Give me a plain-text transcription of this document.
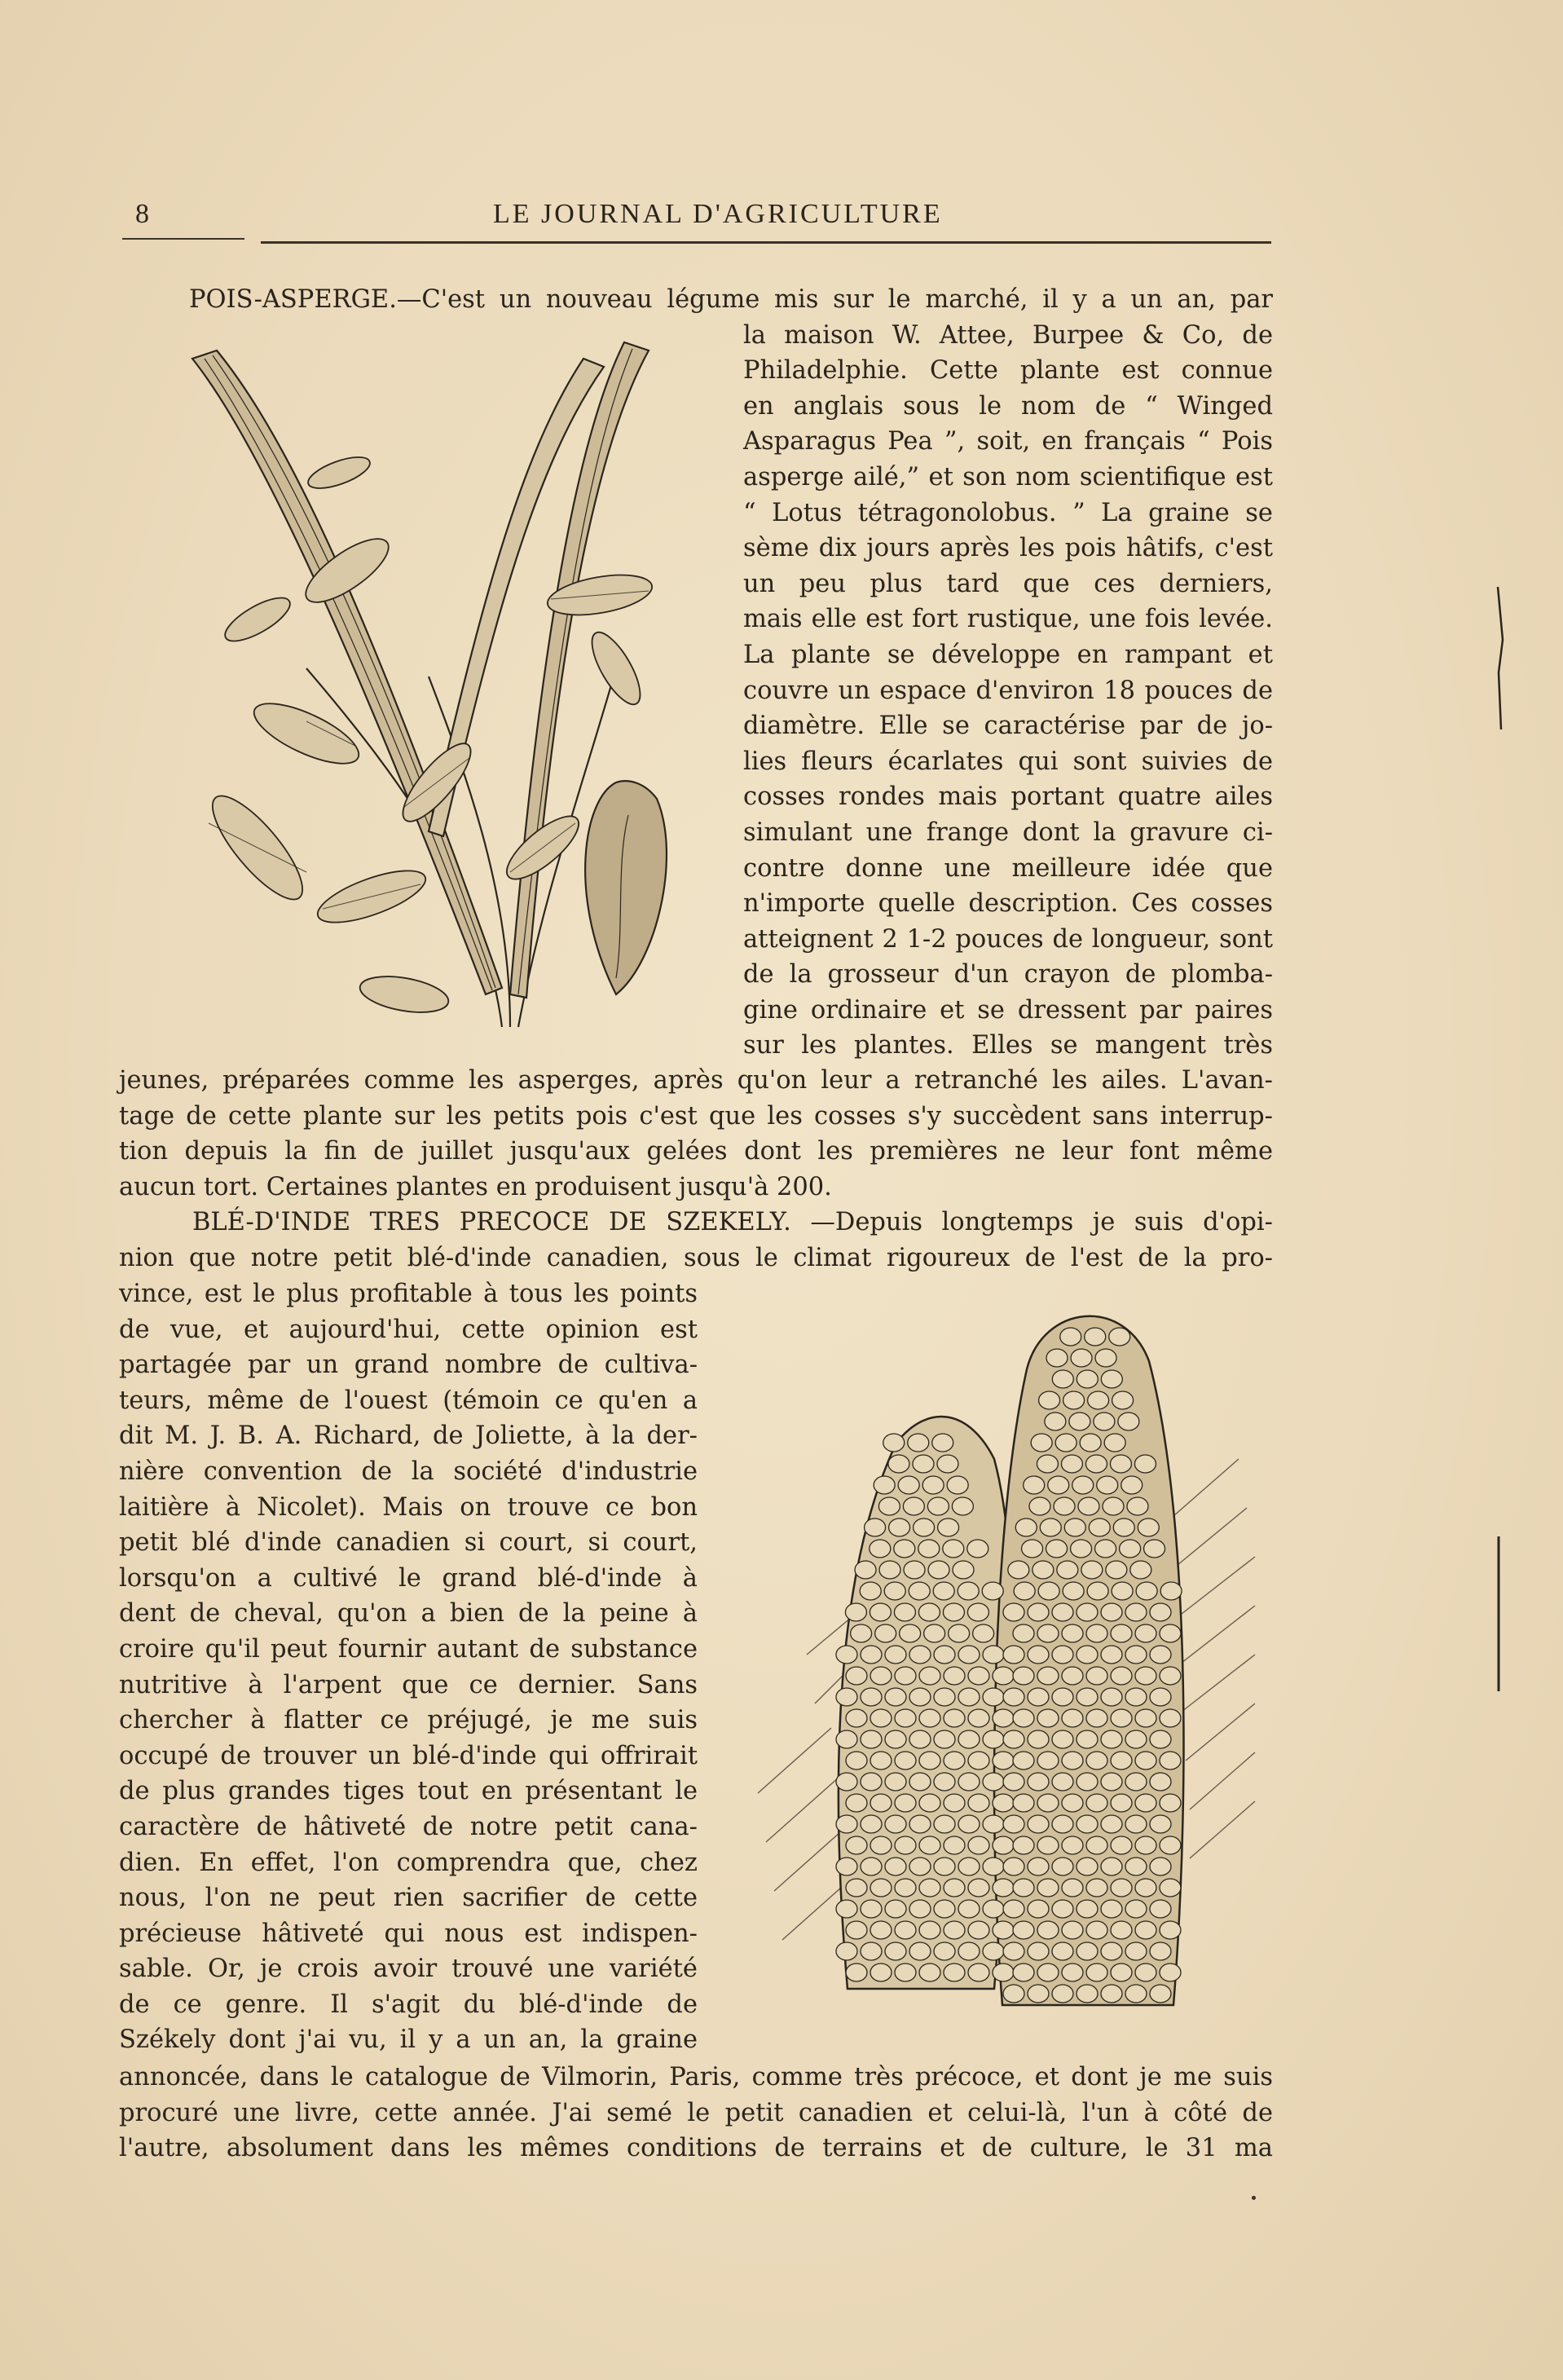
8	LE JOURNAL D'AGRICULTURE
POIS-ASPERGE.—C'est un nouveau légume mis sur le marché, il y a un an, par
la maison W. Attee, Burpee & Co, de
Philadelphie. Cette plante est connue
en anglais sous le nom de “ Winged
Asparagus Pea ”, soit, en français “ Pois
asperge ailé,” et son nom scientifique est
“ Lotus tétragonolobus. ” La graine se
sème dix jours après les pois hâtifs, c'est
un peu plus tard que ces derniers,
mais elle est fort rustique, une fois levée.
La plante se développe en rampant et
couvre un espace d'environ 18 pouces de
diamètre. Elle se caractérise par de jo-
lies fleurs écarlates qui sont suivies de
cosses rondes mais portant quatre ailes
simulant une frange dont la gravure ci-
contre donne une meilleure idée que
n'importe quelle description. Ces cosses
atteignent 2 1-2 pouces de longueur, sont
de la grosseur d'un crayon de plomba-
gine ordinaire et se dressent par paires
sur les plantes. Elles se mangent très
jeunes, préparées comme les asperges, après qu'on leur a retranché les ailes. L'avan-
tage de cette plante sur les petits pois c'est que les cosses s'y succèdent sans interrup-
tion depuis la fin de juillet jusqu'aux gelées dont les premières ne leur font même
aucun tort. Certaines plantes en produisent jusqu'à 200.
BLÉ-D'INDE TRES PRECOCE DE SZEKELY. —Depuis longtemps je suis d'opi-
nion que notre petit blé-d'inde canadien, sous le climat rigoureux de l'est de la pro-
vince, est le plus profitable à tous les points
de vue, et aujourd'hui, cette opinion est
partagée par un grand nombre de cultiva-
teurs, même de l'ouest (témoin ce qu'en a
dit M. J. B. A. Richard, de Joliette, à la der-
nière convention de la société d'industrie
laitière à Nicolet). Mais on trouve ce bon
petit blé d'inde canadien si court, si court,
lorsqu'on a cultivé le grand blé-d'inde à
dent de cheval, qu'on a bien de la peine à
croire qu'il peut fournir autant de substance
nutritive à l'arpent que ce dernier. Sans
chercher à flatter ce préjugé, je me suis
occupé de trouver un blé-d'inde qui offrirait
de plus grandes tiges tout en présentant le
caractère de hâtiveté de notre petit cana-
dien. En effet, l'on comprendra que, chez
nous, l'on ne peut rien sacrifier de cette
précieuse hâtiveté qui nous est indispen-
sable. Or, je crois avoir trouvé une variété
de ce genre. Il s'agit du blé-d'inde de
Székely dont j'ai vu, il y a un an, la graine
annoncée, dans le catalogue de Vilmorin, Paris, comme très précoce, et dont je me suis
procuré une livre, cette année. J'ai semé le petit canadien et celui-là, l'un à côté de
l'autre, absolument dans les mêmes conditions de terrains et de culture, le 31 ma
